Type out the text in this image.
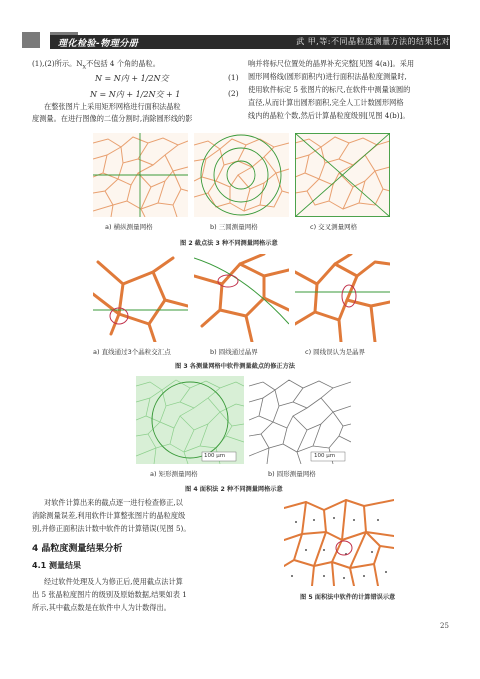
理化检验-物理分册	武 甲,等:不同晶粒度测量方法的结果比对
(1),(2)所示。$N_X$不包括 4 个角的晶粒。
N = N内 + 1/2N交	(1)
N = N内 + 1/2N交 + 1	(2)
在整张图片上采用矩形网格进行面积法晶粒
度测量。在进行图像的二值分割时,消除圆形线的影
响并将标尺位置处的晶界补充完整[见图 4(a)]。采用
圆形网格线(圆形面积内)进行面积法晶粒度测量时,
使用软件标定 5 张图片的标尺,在软件中测量该圆的
直径,从而计算出圆形面积,完全人工计数圆形网格
线内的晶粒个数,然后计算晶粒度级别[见图 4(b)]。
a) 横纵测量网格	b) 三圆测量网格	c) 交叉测量网格
图 2 截点法 3 种不同测量网格示意
a) 直线通过3个晶粒交汇点	b) 圆线通过晶界	c) 圆线误认为是晶界
图 3 各测量网格中软件测量截点的修正方法
100 μm	100 μm
a) 矩形测量网格	b) 圆形测量网格
图 4 面积法 2 种不同测量网格示意
对软件计算出来的截点逐一进行检查修正,以
消除测量误差,利用软件计算整张图片的晶粒度级
别,并修正面积法计数中软件的计算错误(见图 5)。
4 晶粒度测量结果分析
4.1 测量结果
经过软件处理及人为修正后,使用截点法计算
出 5 张晶粒度图片的级别及原始数据,结果如表 1
所示,其中截点数是在软件中人为计数得出。
图 5 面积法中软件的计算错误示意
25
